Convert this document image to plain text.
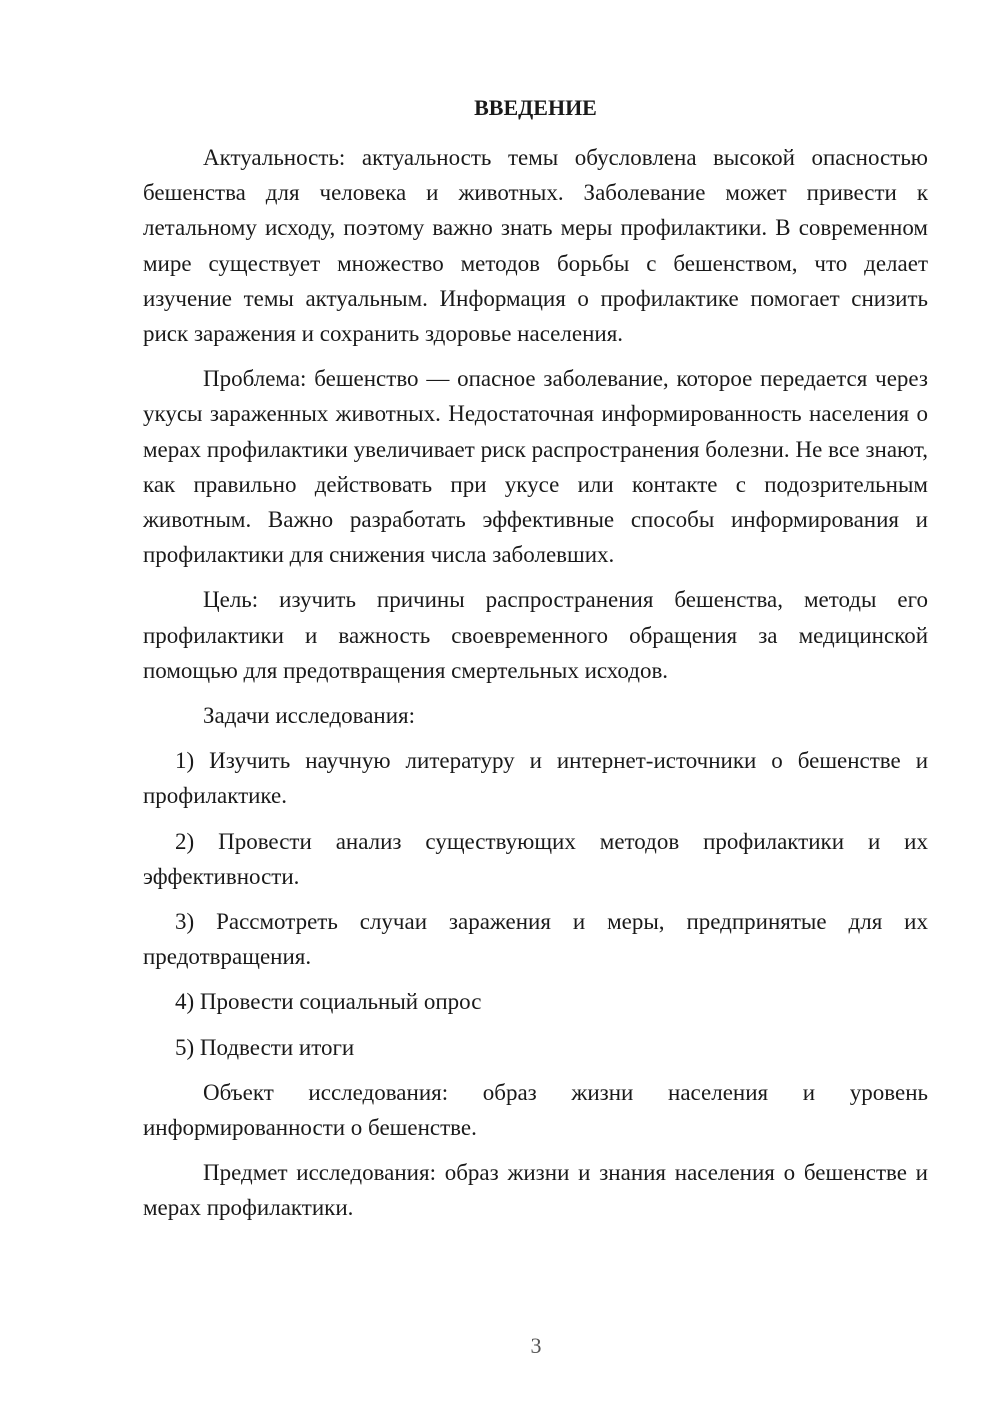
ВВЕДЕНИЕ

Актуальность: актуальность темы обусловлена высокой опасностью бешенства для человека и животных. Заболевание может привести к летальному исходу, поэтому важно знать меры профилактики. В современном мире существует множество методов борьбы с бешенством, что делает изучение темы актуальным. Информация о профилактике помогает снизить риск заражения и сохранить здоровье населения.

Проблема: бешенство — опасное заболевание, которое передается через укусы зараженных животных. Недостаточная информированность населения о мерах профилактики увеличивает риск распространения болезни. Не все знают, как правильно действовать при укусе или контакте с подозрительным животным. Важно разработать эффективные способы информирования и профилактики для снижения числа заболевших.

Цель: изучить причины распространения бешенства, методы его профилактики и важность своевременного обращения за медицинской помощью для предотвращения смертельных исходов.

Задачи исследования:

1) Изучить научную литературу и интернет-источники о бешенстве и профилактике.

2) Провести анализ существующих методов профилактики и их эффективности.

3) Рассмотреть случаи заражения и меры, предпринятые для их предотвращения.

4) Провести социальный опрос

5) Подвести итоги

Объект исследования: образ жизни населения и уровень информированности о бешенстве.

Предмет исследования: образ жизни и знания населения о бешенстве и мерах профилактики.

3
